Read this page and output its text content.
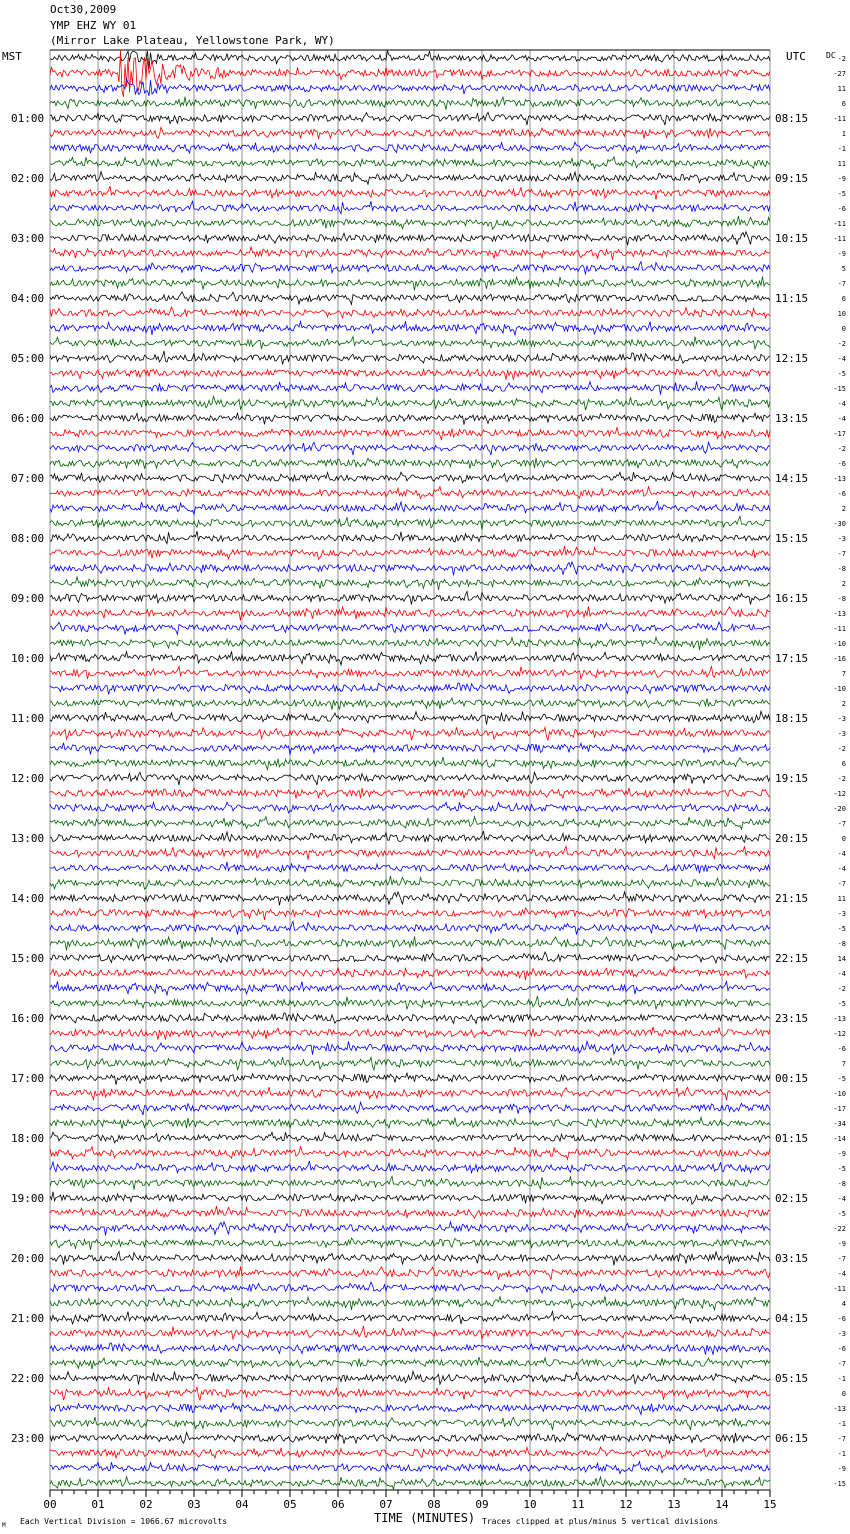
Oct30,2009
YMP EHZ WY 01
(Mirror Lake Plateau, Yellowstone Park, WY)
MST	UTC	DC
01:00
02:00
03:00
04:00
05:00
06:00
07:00
08:00
09:00
10:00
11:00
12:00
13:00
14:00
15:00
16:00
17:00
18:00
19:00
20:00
21:00
22:00
23:00
08:15
09:15
10:15
11:15
12:15
13:15
14:15
15:15
16:15
17:15
18:15
19:15
20:15
21:15
22:15
23:15
00:15
01:15
02:15
03:15
04:15
05:15
06:15
-2
-27
11
6
-11
1
-1
11
-9
-5
-6
-11
-11
-9
5
-7
6
10
0
-2
-4
-5
-15
-4
-4
-17
-2
-6
-13
-6
2
-30
-3
-7
-8
2
-8
-13
-11
-10
-16
7
-10
2
-3
-3
-2
6
-2
-12
-20
-7
0
-4
-4
-7
11
-3
-5
-8
14
-4
-2
-5
-13
-12
-6
7
-5
-10
-17
-34
-14
-9
-5
-8
-4
-5
-22
-9
-7
-4
-11
4
-6
-3
-6
-7
-1
0
-13
-1
-7
-1
-9
-15
00	01	02	03	04	05	06	07	08	09	10	11	12	13	14	15
TIME (MINUTES)
Each Vertical Division = 1066.67 microvolts	Traces clipped at plus/minus 5 vertical divisions
M
